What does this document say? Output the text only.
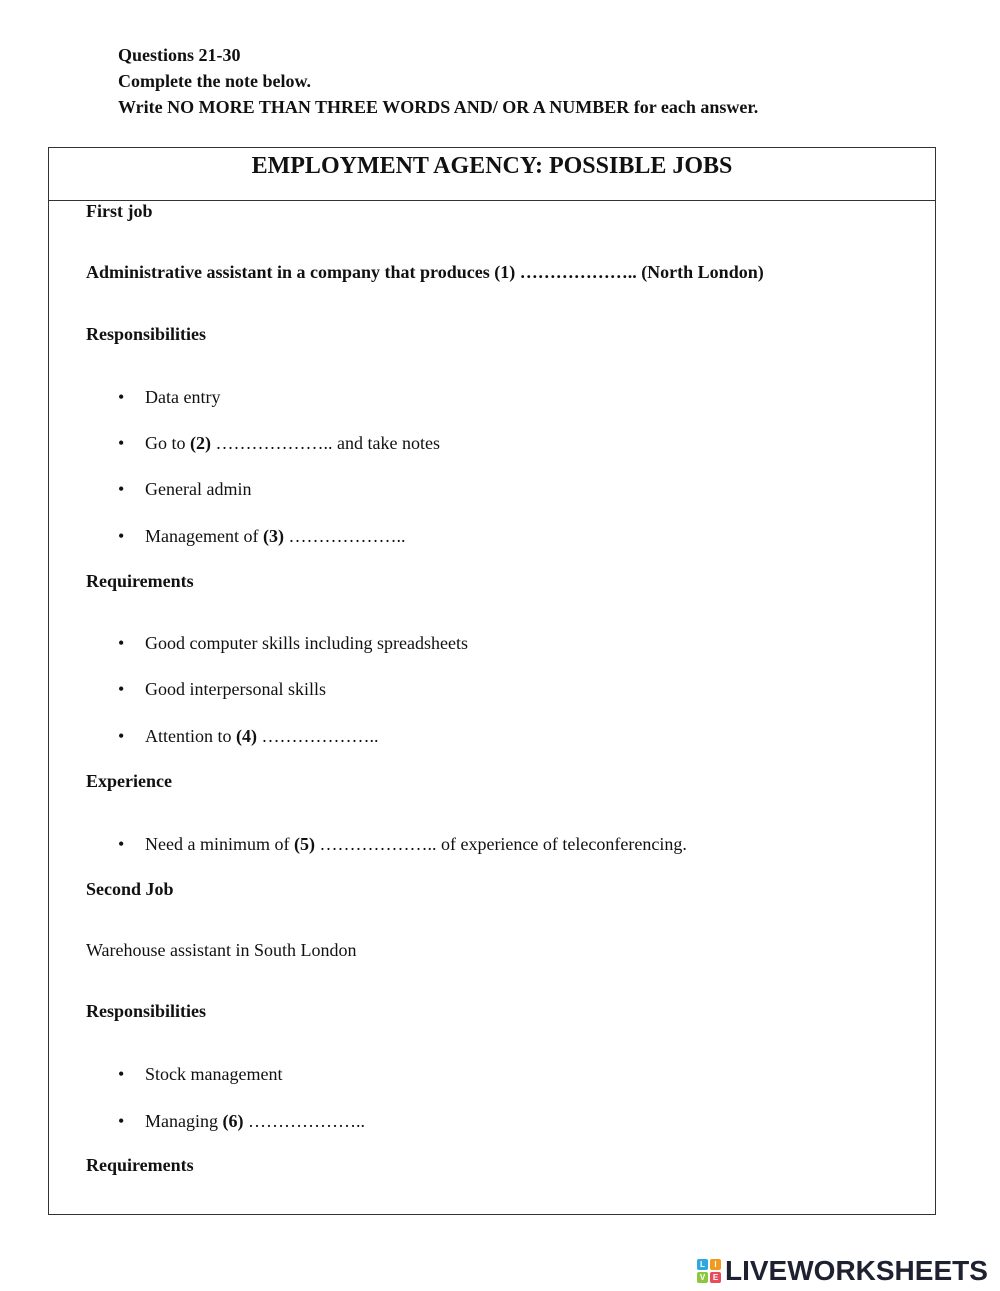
Questions 21-30
Complete the note below.
Write NO MORE THAN THREE WORDS AND/ OR A NUMBER for each answer.
EMPLOYMENT AGENCY: POSSIBLE JOBS
First job
Administrative assistant in a company that produces (1) ……………….. (North London)
Responsibilities
• Data entry
• Go to (2) ……………….. and take notes
• General admin
• Management of (3) ………………..
Requirements
• Good computer skills including spreadsheets
• Good interpersonal skills
• Attention to (4) ………………..
Experience
• Need a minimum of (5) ……………….. of experience of teleconferencing.
Second Job
Warehouse assistant in South London
Responsibilities
• Stock management
• Managing (6) ………………..
Requirements
L	I
V E LIVEWORKSHEETS
